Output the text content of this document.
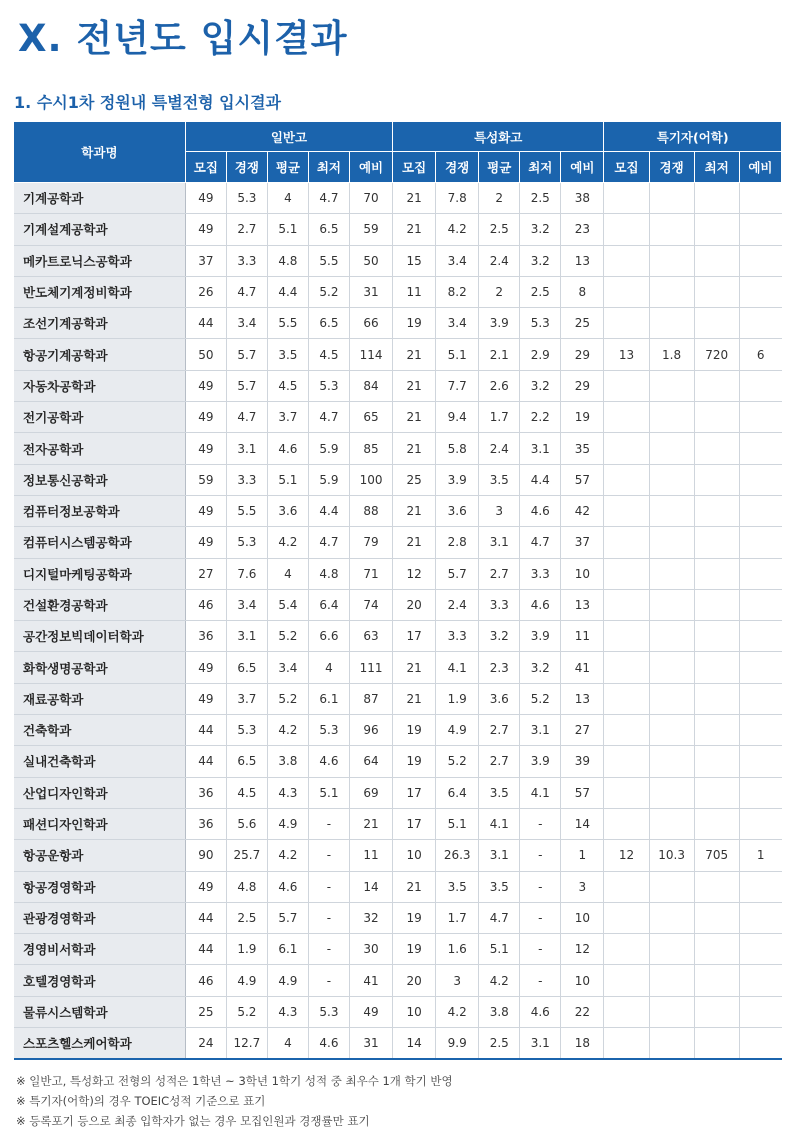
X. 전년도 입시결과
1. 수시1차 정원내 특별전형 입시결과
학과명	일반고					특성화고					특기자(어학)			
	모집	경쟁	평균	최저	예비	모집	경쟁	평균	최저	예비	모집	경쟁	최저	예비
기계공학과	49	5.3	4	4.7	70	21	7.8	2	2.5	38				
기계설계공학과	49	2.7	5.1	6.5	59	21	4.2	2.5	3.2	23				
메카트로닉스공학과	37	3.3	4.8	5.5	50	15	3.4	2.4	3.2	13				
반도체기계정비학과	26	4.7	4.4	5.2	31	11	8.2	2	2.5	8				
조선기계공학과	44	3.4	5.5	6.5	66	19	3.4	3.9	5.3	25				
항공기계공학과	50	5.7	3.5	4.5	114	21	5.1	2.1	2.9	29	13	1.8	720	6
자동차공학과	49	5.7	4.5	5.3	84	21	7.7	2.6	3.2	29				
전기공학과	49	4.7	3.7	4.7	65	21	9.4	1.7	2.2	19				
전자공학과	49	3.1	4.6	5.9	85	21	5.8	2.4	3.1	35				
정보통신공학과	59	3.3	5.1	5.9	100	25	3.9	3.5	4.4	57				
컴퓨터정보공학과	49	5.5	3.6	4.4	88	21	3.6	3	4.6	42				
컴퓨터시스템공학과	49	5.3	4.2	4.7	79	21	2.8	3.1	4.7	37				
디지털마케팅공학과	27	7.6	4	4.8	71	12	5.7	2.7	3.3	10				
건설환경공학과	46	3.4	5.4	6.4	74	20	2.4	3.3	4.6	13				
공간정보빅데이터학과	36	3.1	5.2	6.6	63	17	3.3	3.2	3.9	11				
화학생명공학과	49	6.5	3.4	4	111	21	4.1	2.3	3.2	41				
재료공학과	49	3.7	5.2	6.1	87	21	1.9	3.6	5.2	13				
건축학과	44	5.3	4.2	5.3	96	19	4.9	2.7	3.1	27				
실내건축학과	44	6.5	3.8	4.6	64	19	5.2	2.7	3.9	39				
산업디자인학과	36	4.5	4.3	5.1	69	17	6.4	3.5	4.1	57				
패션디자인학과	36	5.6	4.9	-	21	17	5.1	4.1	-	14				
항공운항과	90	25.7	4.2	-	11	10	26.3	3.1	-	1	12	10.3	705	1
항공경영학과	49	4.8	4.6	-	14	21	3.5	3.5	-	3				
관광경영학과	44	2.5	5.7	-	32	19	1.7	4.7	-	10				
경영비서학과	44	1.9	6.1	-	30	19	1.6	5.1	-	12				
호텔경영학과	46	4.9	4.9	-	41	20	3	4.2	-	10				
물류시스템학과	25	5.2	4.3	5.3	49	10	4.2	3.8	4.6	22				
스포츠헬스케어학과	24	12.7	4	4.6	31	14	9.9	2.5	3.1	18				
※ 일반고, 특성화고 전형의 성적은 1학년 ~ 3학년 1학기 성적 중 최우수 1개 학기 반영
※ 특기자(어학)의 경우 TOEIC성적 기준으로 표기
※ 등록포기 등으로 최종 입학자가 없는 경우 모집인원과 경쟁률만 표기
